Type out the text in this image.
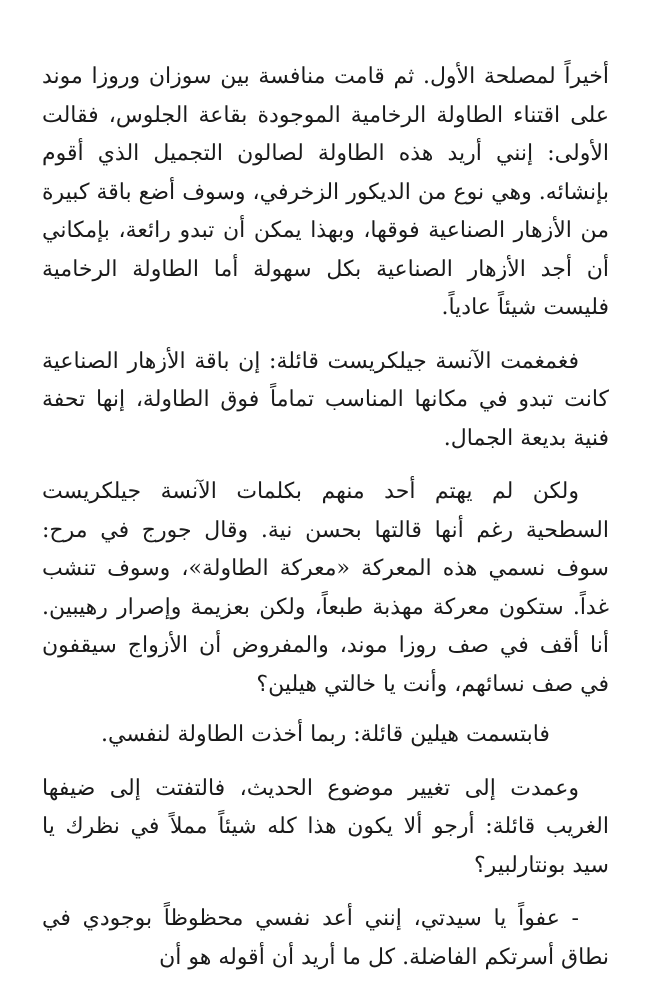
أخيراً لمصلحة الأول. ثم قامت منافسة بين سوزان وروزا موند على اقتناء الطاولة الرخامية الموجودة بقاعة الجلوس، فقالت الأولى: إنني أريد هذه الطاولة لصالون التجميل الذي أقوم بإنشائه. وهي نوع من الديكور الزخرفي، وسوف أضع باقة كبيرة من الأزهار الصناعية فوقها، وبهذا يمكن أن تبدو رائعة، بإمكاني أن أجد الأزهار الصناعية بكل سهولة أما الطاولة الرخامية فليست شيئاً عادياً.

فغمغمت الآنسة جيلكريست قائلة: إن باقة الأزهار الصناعية كانت تبدو في مكانها المناسب تماماً فوق الطاولة، إنها تحفة فنية بديعة الجمال.

ولكن لم يهتم أحد منهم بكلمات الآنسة جيلكريست السطحية رغم أنها قالتها بحسن نية. وقال جورج في مرح: سوف نسمي هذه المعركة «معركة الطاولة»، وسوف تنشب غداً. ستكون معركة مهذبة طبعاً، ولكن بعزيمة وإصرار رهيبين. أنا أقف في صف روزا موند، والمفروض أن الأزواج سيقفون في صف نسائهم، وأنت يا خالتي هيلين؟

فابتسمت هيلين قائلة: ربما أخذت الطاولة لنفسي.

وعمدت إلى تغيير موضوع الحديث، فالتفتت إلى ضيفها الغريب قائلة: أرجو ألا يكون هذا كله شيئاً مملاً في نظرك يا سيد بونتارلبير؟

- عفواً يا سيدتي، إنني أعد نفسي محظوظاً بوجودي في نطاق أسرتكم الفاضلة. كل ما أريد أن أقوله هو أن
